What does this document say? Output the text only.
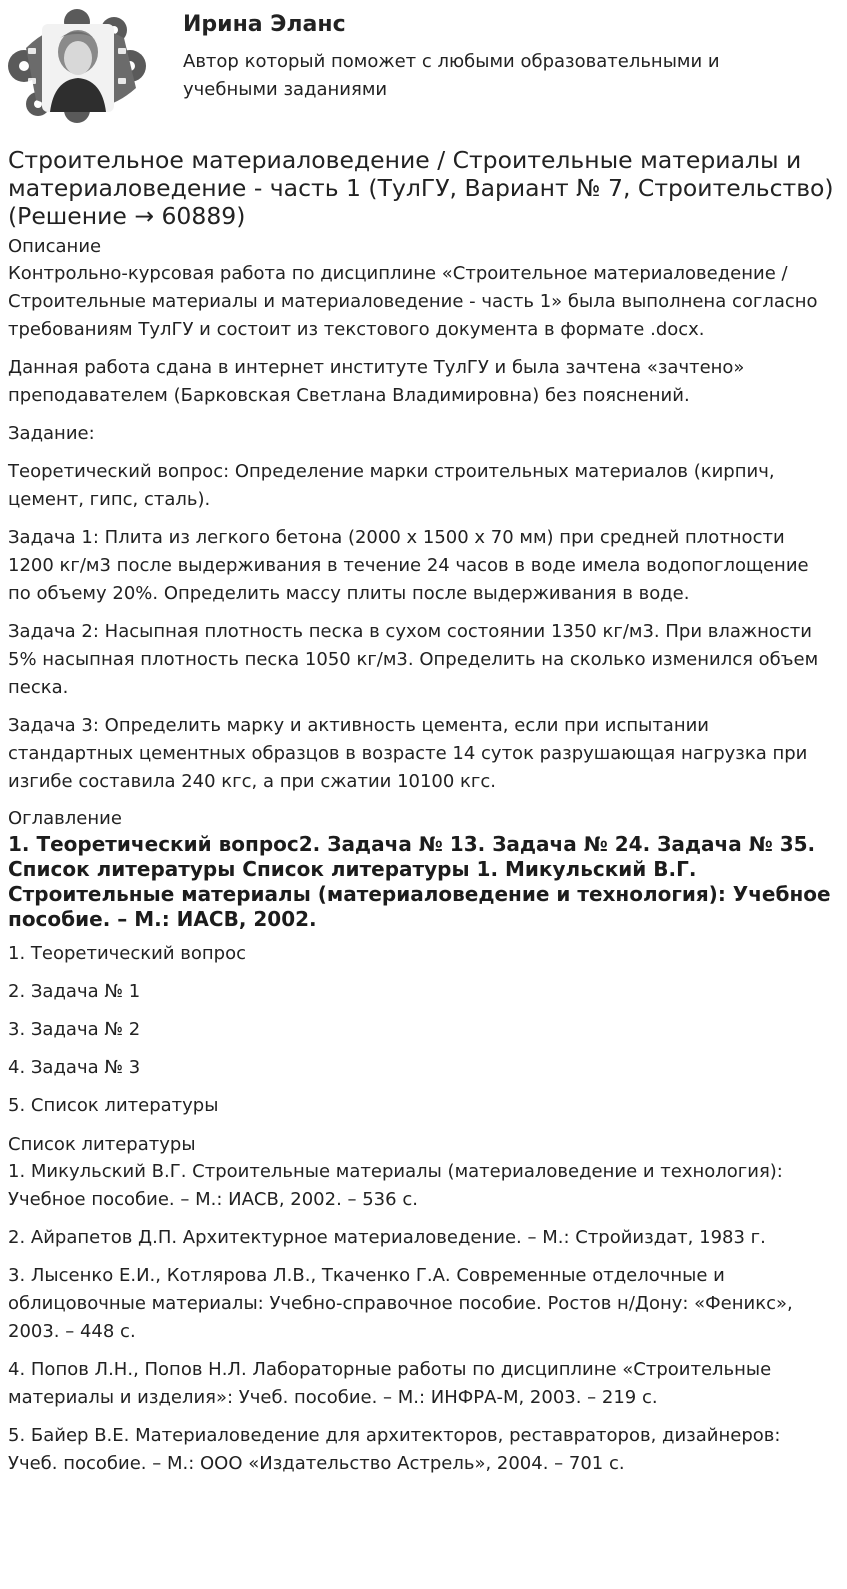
Ирина Эланс
Автор который поможет с любыми образовательными и учебными заданиями
Строительное материаловедение / Строительные материалы и материаловедение - часть 1 (ТулГУ, Вариант № 7, Строительство) (Решение → 60889)
Описание

Контрольно-курсовая работа по дисциплине «Строительное материаловедение / Строительные материалы и материаловедение - часть 1» была выполнена согласно требованиям ТулГУ и состоит из текстового документа в формате .docx.

Данная работа сдана в интернет институте ТулГУ и была зачтена «зачтено» преподавателем (Барковская Светлана Владимировна) без пояснений.

Задание:

Теоретический вопрос: Определение марки строительных материалов (кирпич, цемент, гипс, сталь).

Задача 1: Плита из легкого бетона (2000 х 1500 х 70 мм) при средней плотности 1200 кг/м3 после выдерживания в течение 24 часов в воде имела водопоглощение по объему 20%. Определить массу плиты после выдерживания в воде.

Задача 2: Насыпная плотность песка в сухом состоянии 1350 кг/м3. При влажности 5% насыпная плотность песка 1050 кг/м3. Определить на сколько изменился объем песка.

Задача 3: Определить марку и активность цемента, если при испытании стандартных цементных образцов в возрасте 14 суток разрушающая нагрузка при изгибе составила 240 кгс, а при сжатии 10100 кгс.

Оглавление
1. Теоретический вопрос2. Задача № 13. Задача № 24. Задача № 35. Список литературы Список литературы 1. Микульский В.Г. Строительные материалы (материаловедение и технология): Учебное пособие. – М.: ИАСВ, 2002.

1. Теоретический вопрос

2. Задача № 1

3. Задача № 2

4. Задача № 3

5. Список литературы

Список литературы

1. Микульский В.Г. Строительные материалы (материаловедение и технология): Учебное пособие. – М.: ИАСВ, 2002. – 536 с.

2. Айрапетов Д.П. Архитектурное материаловедение. – М.: Стройиздат, 1983 г.

3. Лысенко Е.И., Котлярова Л.В., Ткаченко Г.А. Современные отделочные и облицовочные материалы: Учебно-справочное пособие. Ростов н/Дону: «Феникс», 2003. – 448 с.

4. Попов Л.Н., Попов Н.Л. Лабораторные работы по дисциплине «Строительные материалы и изделия»: Учеб. пособие. – М.: ИНФРА-М, 2003. – 219 с.

5. Байер В.Е. Материаловедение для архитекторов, реставраторов, дизайнеров: Учеб. пособие. – М.: ООО «Издательство Астрель», 2004. – 701 с.
